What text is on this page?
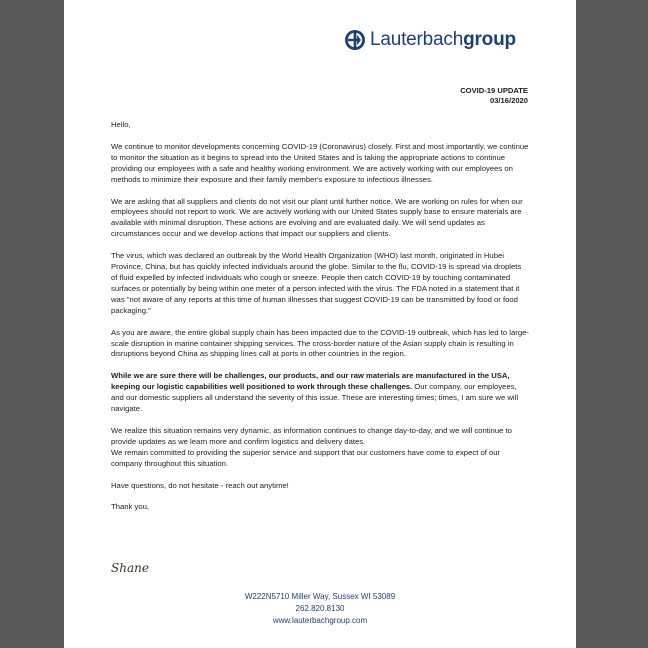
Lauterbachgroup
COVID-19 UPDATE
03/16/2020

Hello,

We continue to monitor developments concerning COVID-19 (Coronavirus) closely. First and most importantly, we continue to monitor the situation as it begins to spread into the United States and is taking the appropriate actions to continue providing our employees with a safe and healthy working environment. We are actively working with our employees on methods to minimize their exposure and their family member's exposure to infectious illnesses.

We are asking that all suppliers and clients do not visit our plant until further notice. We are working on rules for when our employees should not report to work. We are actively working with our United States supply base to ensure materials are available with minimal disruption. These actions are evolving and are evaluated daily. We will send updates as circumstances occur and we develop actions that impact our suppliers and clients.

The virus, which was declared an outbreak by the World Health Organization (WHO) last month, originated in Hubei Province, China, but has quickly infected individuals around the globe. Similar to the flu, COVID-19 is spread via droplets of fluid expelled by infected individuals who cough or sneeze. People then catch COVID-19 by touching contaminated surfaces or potentially by being within one meter of a person infected with the virus. The FDA noted in a statement that it was "not aware of any reports at this time of human illnesses that suggest COVID-19 can be transmitted by food or food packaging."

As you are aware, the entire global supply chain has been impacted due to the COVID-19 outbreak, which has led to large-scale disruption in marine container shipping services. The cross-border nature of the Asian supply chain is resulting in disruptions beyond China as shipping lines call at ports in other countries in the region.

While we are sure there will be challenges, our products, and our raw materials are manufactured in the USA, keeping our logistic capabilities well positioned to work through these challenges. Our company, our employees, and our domestic suppliers all understand the severity of this issue. These are interesting times; times, I am sure we will navigate.

We realize this situation remains very dynamic, as information continues to change day-to-day, and we will continue to provide updates as we learn more and confirm logistics and delivery dates.

We remain committed to providing the superior service and support that our customers have come to expect of our company throughout this situation.

Have questions, do not hesitate - reach out anytime!

Thank you,

Shane
W222N5710 Miller Way, Sussex WI 53089
262.820.8130
www.lauterbachgroup.com
